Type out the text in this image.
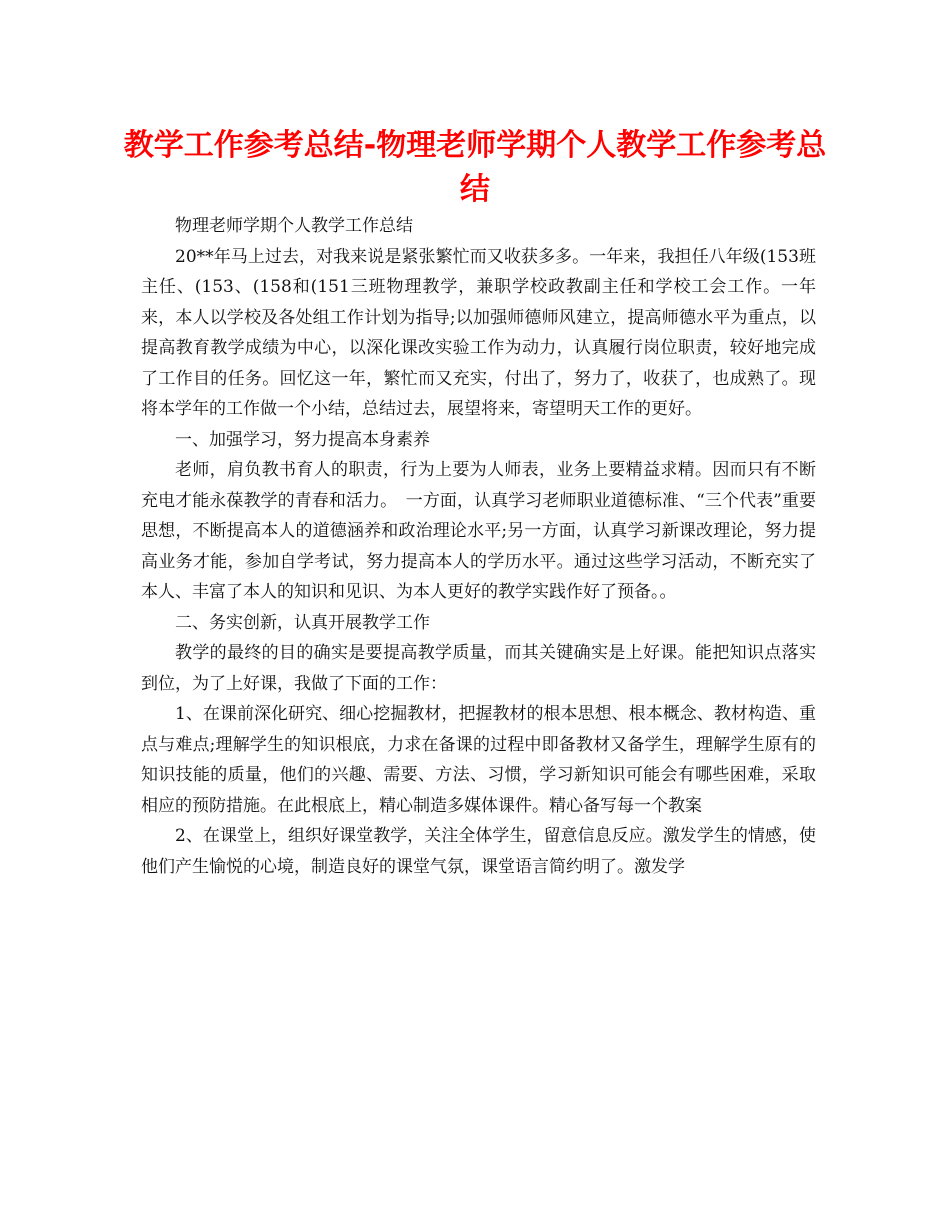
教学工作参考总结-物理老师学期个人教学工作参考总结

物理老师学期个人教学工作总结

20**年马上过去，对我来说是紧张繁忙而又收获多多。一年来，我担任八年级(153班主任、(153、(158和(151三班物理教学，兼职学校政教副主任和学校工会工作。一年来，本人以学校及各处组工作计划为指导;以加强师德师风建立，提高师德水平为重点，以提高教育教学成绩为中心，以深化课改实验工作为动力，认真履行岗位职责，较好地完成了工作目的任务。回忆这一年，繁忙而又充实，付出了，努力了，收获了，也成熟了。现将本学年的工作做一个小结，总结过去，展望将来，寄望明天工作的更好。

一、加强学习，努力提高本身素养

老师，肩负教书育人的职责，行为上要为人师表，业务上要精益求精。因而只有不断充电才能永葆教学的青春和活力。　一方面，认真学习老师职业道德标准、“三个代表”重要思想，不断提高本人的道德涵养和政治理论水平;另一方面，认真学习新课改理论，努力提高业务才能，参加自学考试，努力提高本人的学历水平。通过这些学习活动，不断充实了本人、丰富了本人的知识和见识、为本人更好的教学实践作好了预备。。

二、务实创新，认真开展教学工作

教学的最终的目的确实是要提高教学质量，而其关键确实是上好课。能把知识点落实到位，为了上好课，我做了下面的工作：

1、在课前深化研究、细心挖掘教材，把握教材的根本思想、根本概念、教材构造、重点与难点;理解学生的知识根底，力求在备课的过程中即备教材又备学生，理解学生原有的知识技能的质量，他们的兴趣、需要、方法、习惯，学习新知识可能会有哪些困难，采取相应的预防措施。在此根底上，精心制造多媒体课件。精心备写每一个教案

2、在课堂上，组织好课堂教学，关注全体学生，留意信息反应。激发学生的情感，使他们产生愉悦的心境，制造良好的课堂气氛，课堂语言简约明了。激发学
